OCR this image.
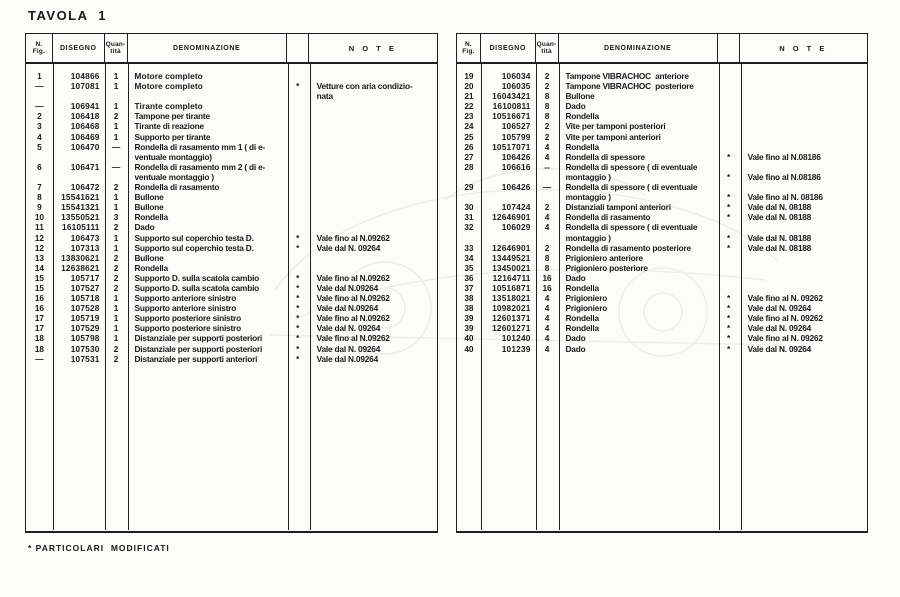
TAVOLA  1
N.
Fig. DISEGNO Quan-
tità	DENOMINAZIONE	N O T E
1	104866	1	Motore completo
—	107081	1	Motore completo	*	Vetture con aria condizio-
nata
—	106941	1	Tirante completo
2	106418	2	Tampone per tirante
3	106468	1	Tirante di reazione
4	106469	1	Supporto per tirante
5	106470	—	Rondella di rasamento mm 1 ( di e-
ventuale montaggio)
6	106471	—	Rondella di rasamento mm 2 ( di e-
ventuale montaggio )
7	106472	2	Rondella di rasamento
8	15541621	1	Bullone
9	15541321	1	Bullone
10	13550521	3	Rondella
11	16105111	2	Dado
12	106473	1	Supporto sul coperchio testa D.	*	Vale fino al N.09262
12	107313	1	Supporto sul coperchio testa D.	*	Vale dal N. 09264
13	13830621	2	Bullone
14	12638621	2	Rondella
15	105717	2	Supporto D. sulla scatola cambio	*	Vale fino al N.09262
15	107527	2	Supporto D. sulla scatola cambio	*	Vale dal N.09264
16	105718	1	Supporto anteriore sinistro	*	Vale fino al N.09262
16	107528	1	Supporto anteriore sinistro	*	Vale dal N.09264
17	105719	1	Supporto posteriore sinistro	*	Vale fino al N.09262
17	107529	1	Supporto posteriore sinistro	*	Vale dal N. 09264
18	105798	1	Distanziale per supporti posteriori	*	Vale fino al N.09262
18	107530	2	Distanziale per supporti posteriori	*	Vale dal N. 09264
—	107531	2	Distanziale per supporti anteriori	*	Vale dal N.09264
N.
Fig. DISEGNO Quan-
tità	DENOMINAZIONE	N O T E
19	106034	2	Tampone VIBRACHOC  anteriore
20	106035	2	Tampone VIBRACHOC  posteriore
21	16043421	8	Bullone
22	16100811	8	Dado
23	10516671	8	Rondella
24	106527	2	Vite per tamponi posteriori
25	105799	2	Vite per tamponi anteriori
26	10517071	4	Rondella
27	106426	4	Rondella di spessore	*	Vale fino al N.08186
28	106616	--	Rondella di spessore ( di eventuale
montaggio )	*	Vale fino al N.08186
29	106426	—	Rondella di spessore ( di eventuale
montaggio )	*	Vale fino al N. 08186
30	107424	2	Distanziali tamponi anteriori	*	Vale dal N. 08188
31	12646901	4	Rondella di rasamento	*	Vale dal N. 08188
32	106029	4	Rondella di spessore ( di eventuale
montaggio )	*	Vale dal N. 08188
33	12646901	2	Rondella di rasamento posteriore	*	Vale dal N. 08188
34	13449521	8	Prigioniero anteriore
35	13450021	8	Prigioniero posteriore
36	12164711	16	Dado
37	10516871	16	Rondella
38	13518021	4	Prigioniero	*	Vale fino al N. 09262
38	10982021	4	Prigioniero	*	Vale dal N. 09264
39	12601371	4	Rondella	*	Vale fino al N. 09262
39	12601271	4	Rondella	*	Vale dal N. 09264
40	101240	4	Dado	*	Vale fino al N. 09262
40	101239	4	Dado	*	Vale dal N. 09264
* PARTICOLARI  MODIFICATI
